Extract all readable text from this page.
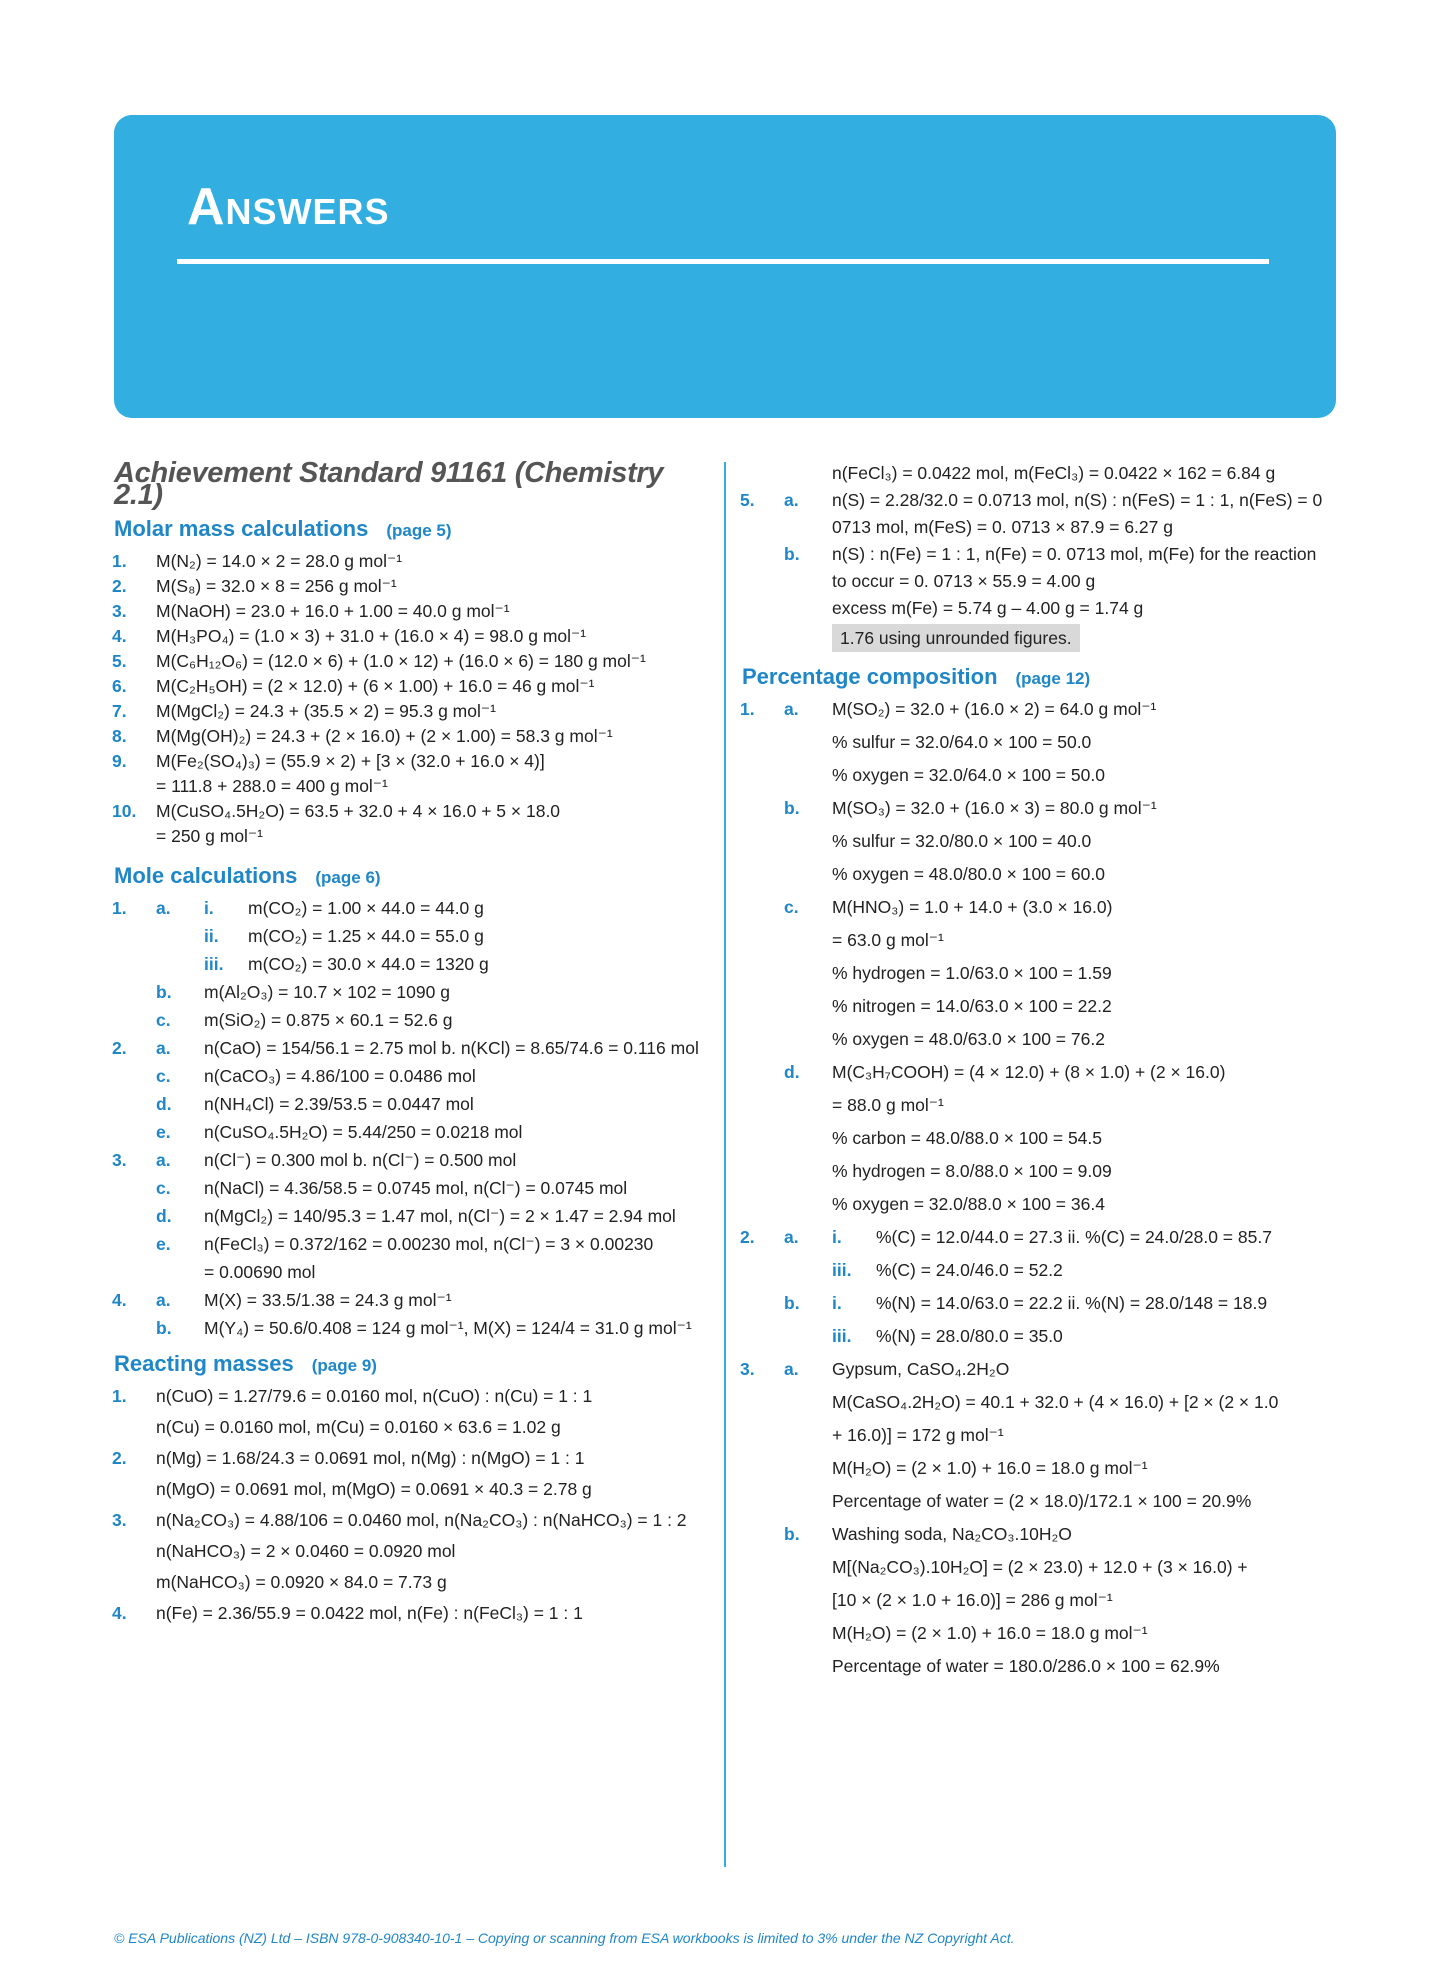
Answers
Achievement Standard 91161 (Chemistry 2.1)
Molar mass calculations (page 5)
1.	M(N₂) = 14.0 × 2 = 28.0 g mol⁻¹
2.	M(S₈) = 32.0 × 8 = 256 g mol⁻¹
3.	M(NaOH) = 23.0 + 16.0 + 1.00 = 40.0 g mol⁻¹
4.	M(H₃PO₄) = (1.0 × 3) + 31.0 + (16.0 × 4) = 98.0 g mol⁻¹
5.	M(C₆H₁₂O₆) = (12.0 × 6) + (1.0 × 12) + (16.0 × 6) = 180 g mol⁻¹
6.	M(C₂H₅OH) = (2 × 12.0) + (6 × 1.00) + 16.0 = 46 g mol⁻¹
7.	M(MgCl₂) = 24.3 + (35.5 × 2) = 95.3 g mol⁻¹
8.	M(Mg(OH)₂) = 24.3 + (2 × 16.0) + (2 × 1.00) = 58.3 g mol⁻¹
9.	M(Fe₂(SO₄)₃) = (55.9 × 2) + [3 × (32.0 + 16.0 × 4)]
= 111.8 + 288.0 = 400 g mol⁻¹
10.	M(CuSO₄.5H₂O) = 63.5 + 32.0 + 4 × 16.0 + 5 × 18.0
= 250 g mol⁻¹
Mole calculations (page 6)
1.	a. i.	m(CO₂) = 1.00 × 44.0 = 44.0 g
ii.	m(CO₂) = 1.25 × 44.0 = 55.0 g
iii.	m(CO₂) = 30.0 × 44.0 = 1320 g
b.	m(Al₂O₃) = 10.7 × 102 = 1090 g
c.	m(SiO₂) = 0.875 × 60.1 = 52.6 g
2.	a.	n(CaO) = 154/56.1 = 2.75 mol b. n(KCl) = 8.65/74.6 = 0.116 mol
c.	n(CaCO₃) = 4.86/100 = 0.0486 mol
d.	n(NH₄Cl) = 2.39/53.5 = 0.0447 mol
e.	n(CuSO₄.5H₂O) = 5.44/250 = 0.0218 mol
3.	a.	n(Cl⁻) = 0.300 mol b. n(Cl⁻) = 0.500 mol
c.	n(NaCl) = 4.36/58.5 = 0.0745 mol, n(Cl⁻) = 0.0745 mol
d.	n(MgCl₂) = 140/95.3 = 1.47 mol, n(Cl⁻) = 2 × 1.47 = 2.94 mol
e.	n(FeCl₃) = 0.372/162 = 0.00230 mol, n(Cl⁻) = 3 × 0.00230
= 0.00690 mol
4.	a.	M(X) = 33.5/1.38 = 24.3 g mol⁻¹
b.	M(Y₄) = 50.6/0.408 = 124 g mol⁻¹, M(X) = 124/4 = 31.0 g mol⁻¹
Reacting masses (page 9)
1.	n(CuO) = 1.27/79.6 = 0.0160 mol, n(CuO) : n(Cu) = 1 : 1
n(Cu) = 0.0160 mol, m(Cu) = 0.0160 × 63.6 = 1.02 g
2.	n(Mg) = 1.68/24.3 = 0.0691 mol, n(Mg) : n(MgO) = 1 : 1
n(MgO) = 0.0691 mol, m(MgO) = 0.0691 × 40.3 = 2.78 g
3.	n(Na₂CO₃) = 4.88/106 = 0.0460 mol, n(Na₂CO₃) : n(NaHCO₃) = 1 : 2
n(NaHCO₃) = 2 × 0.0460 = 0.0920 mol
m(NaHCO₃) = 0.0920 × 84.0 = 7.73 g
4.	n(Fe) = 2.36/55.9 = 0.0422 mol, n(Fe) : n(FeCl₃) = 1 : 1
n(FeCl₃) = 0.0422 mol, m(FeCl₃) = 0.0422 × 162 = 6.84 g
5.	a.	n(S) = 2.28/32.0 = 0.0713 mol, n(S) : n(FeS) = 1 : 1, n(FeS) = 0
0713 mol, m(FeS) = 0. 0713 × 87.9 = 6.27 g
b.	n(S) : n(Fe) = 1 : 1, n(Fe) = 0. 0713 mol, m(Fe) for the reaction
to occur = 0. 0713 × 55.9 = 4.00 g
excess m(Fe) = 5.74 g – 4.00 g = 1.74 g
1.76 using unrounded figures.
Percentage composition (page 12)
1.	a.	M(SO₂) = 32.0 + (16.0 × 2) = 64.0 g mol⁻¹
% sulfur = 32.0/64.0 × 100 = 50.0
% oxygen = 32.0/64.0 × 100 = 50.0
b.	M(SO₃) = 32.0 + (16.0 × 3) = 80.0 g mol⁻¹
% sulfur = 32.0/80.0 × 100 = 40.0
% oxygen = 48.0/80.0 × 100 = 60.0
c.	M(HNO₃) = 1.0 + 14.0 + (3.0 × 16.0)
= 63.0 g mol⁻¹
% hydrogen = 1.0/63.0 × 100 = 1.59
% nitrogen = 14.0/63.0 × 100 = 22.2
% oxygen = 48.0/63.0 × 100 = 76.2
d.	M(C₃H₇COOH) = (4 × 12.0) + (8 × 1.0) + (2 × 16.0)
= 88.0 g mol⁻¹
% carbon = 48.0/88.0 × 100 = 54.5
% hydrogen = 8.0/88.0 × 100 = 9.09
% oxygen = 32.0/88.0 × 100 = 36.4
2.	a. i.	%(C) = 12.0/44.0 = 27.3 ii. %(C) = 24.0/28.0 = 85.7
iii.	%(C) = 24.0/46.0 = 52.2
b. i.	%(N) = 14.0/63.0 = 22.2 ii. %(N) = 28.0/148 = 18.9
iii.	%(N) = 28.0/80.0 = 35.0
3.	a.	Gypsum, CaSO₄.2H₂O
M(CaSO₄.2H₂O) = 40.1 + 32.0 + (4 × 16.0) + [2 × (2 × 1.0
+ 16.0)] = 172 g mol⁻¹
M(H₂O) = (2 × 1.0) + 16.0 = 18.0 g mol⁻¹
Percentage of water = (2 × 18.0)/172.1 × 100 = 20.9%
b.	Washing soda, Na₂CO₃.10H₂O
M[(Na₂CO₃).10H₂O] = (2 × 23.0) + 12.0 + (3 × 16.0) +
[10 × (2 × 1.0 + 16.0)] = 286 g mol⁻¹
M(H₂O) = (2 × 1.0) + 16.0 = 18.0 g mol⁻¹
Percentage of water = 180.0/286.0 × 100 = 62.9%
© ESA Publications (NZ) Ltd – ISBN 978-0-908340-10-1 – Copying or scanning from ESA workbooks is limited to 3% under the NZ Copyright Act.
